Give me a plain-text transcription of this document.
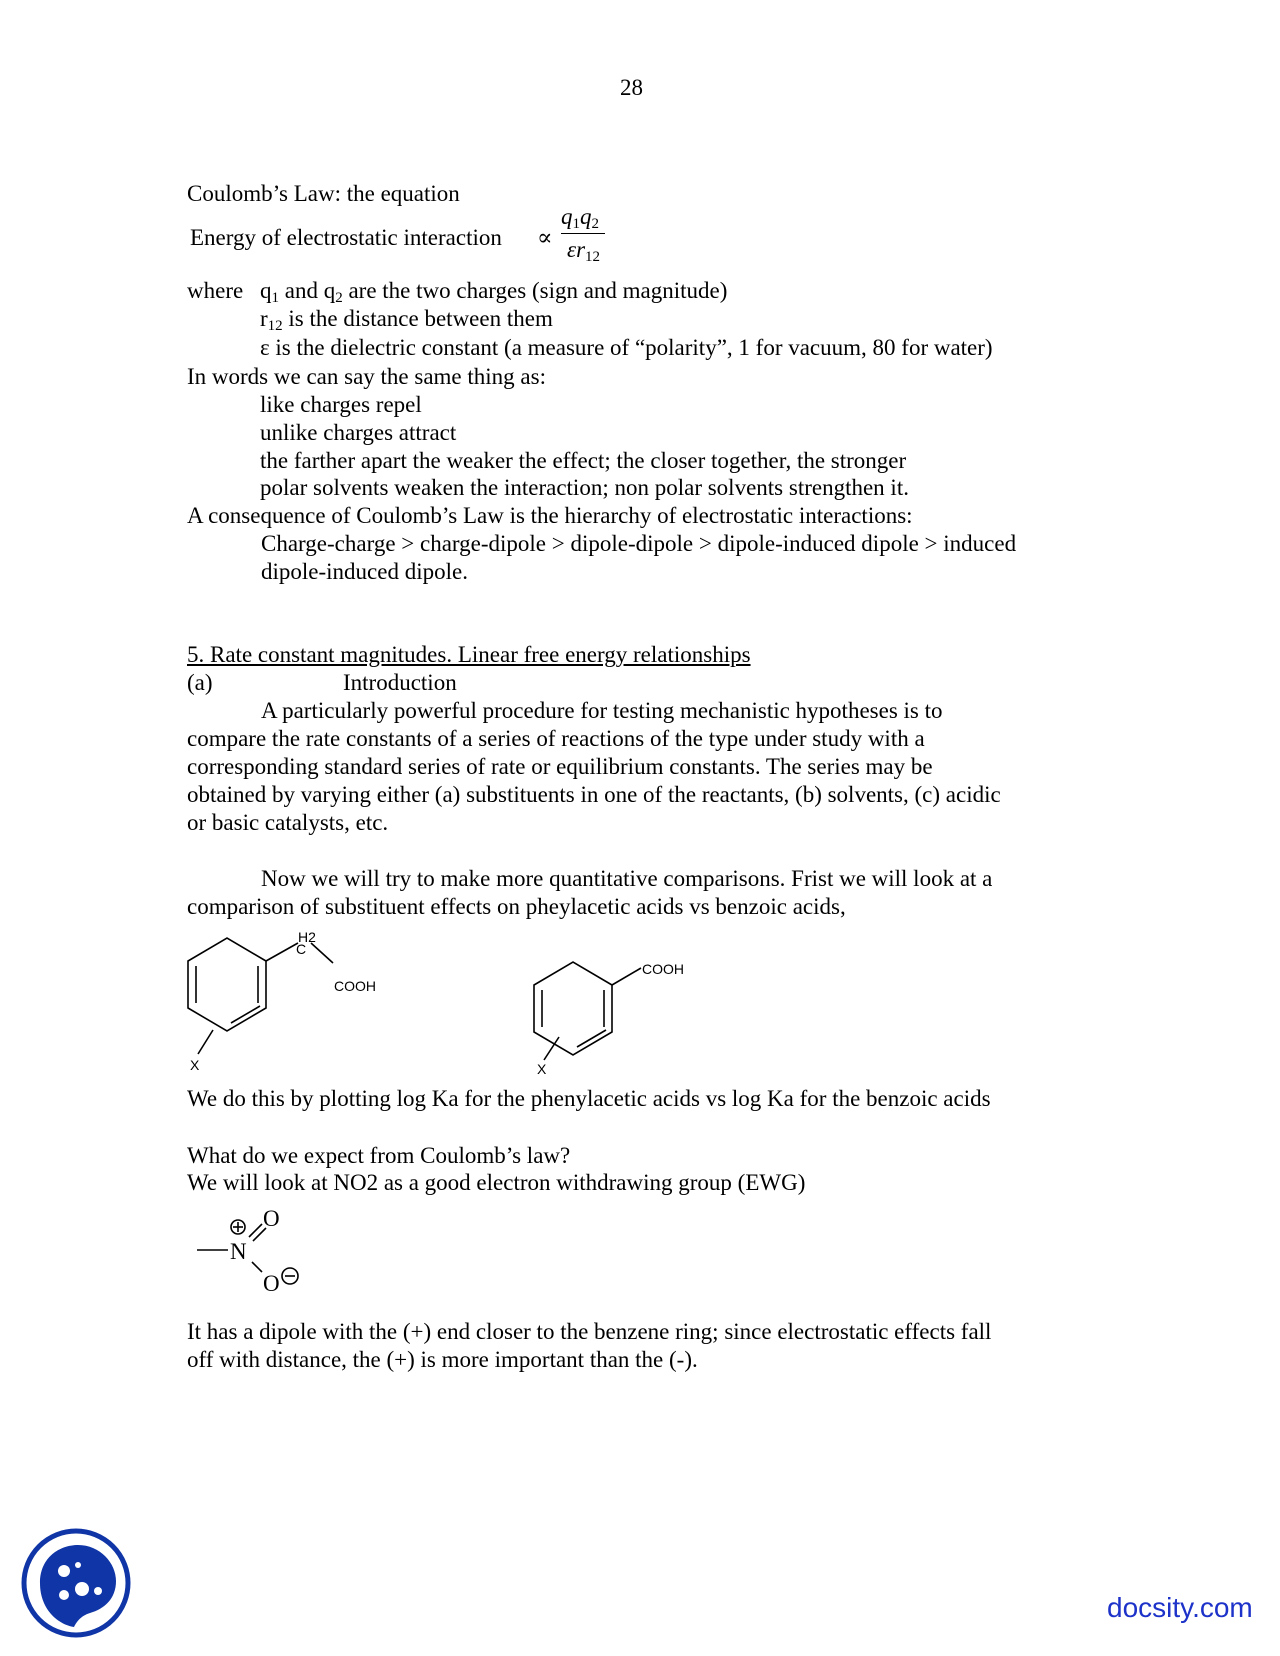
28
Coulomb’s Law: the equation
Energy of electrostatic interaction ∝
$q_1q_2$
$\varepsilon r_{12}$
where $q_1$ and $q_2$ are the two charges (sign and magnitude)
$r_{12}$ is the distance between them
ε is the dielectric constant (a measure of “polarity”, 1 for vacuum, 80 for water)
In words we can say the same thing as:
like charges repel
unlike charges attract
the farther apart the weaker the effect; the closer together, the stronger
polar solvents weaken the interaction; non polar solvents strengthen it.
A consequence of Coulomb’s Law is the hierarchy of electrostatic interactions:
Charge-charge > charge-dipole > dipole-dipole > dipole-induced dipole > induced
dipole-induced dipole.
5. Rate constant magnitudes. Linear free energy relationships
(a)	Introduction
A particularly powerful procedure for testing mechanistic hypotheses is to
compare the rate constants of a series of reactions of the type under study with a
corresponding standard series of rate or equilibrium constants. The series may be
obtained by varying either (a) substituents in one of the reactants, (b) solvents, (c) acidic
or basic catalysts, etc.
Now we will try to make more quantitative comparisons. Frist we will look at a
comparison of substituent effects on pheylacetic acids vs benzoic acids,
C
H2
COOH
X
COOH
X
N
O
O
We do this by plotting log Ka for the phenylacetic acids vs log Ka for the benzoic acids
What do we expect from Coulomb’s law?
We will look at NO2 as a good electron withdrawing group (EWG)
It has a dipole with the (+) end closer to the benzene ring; since electrostatic effects fall
off with distance, the (+) is more important than the (-).
docsity.com
